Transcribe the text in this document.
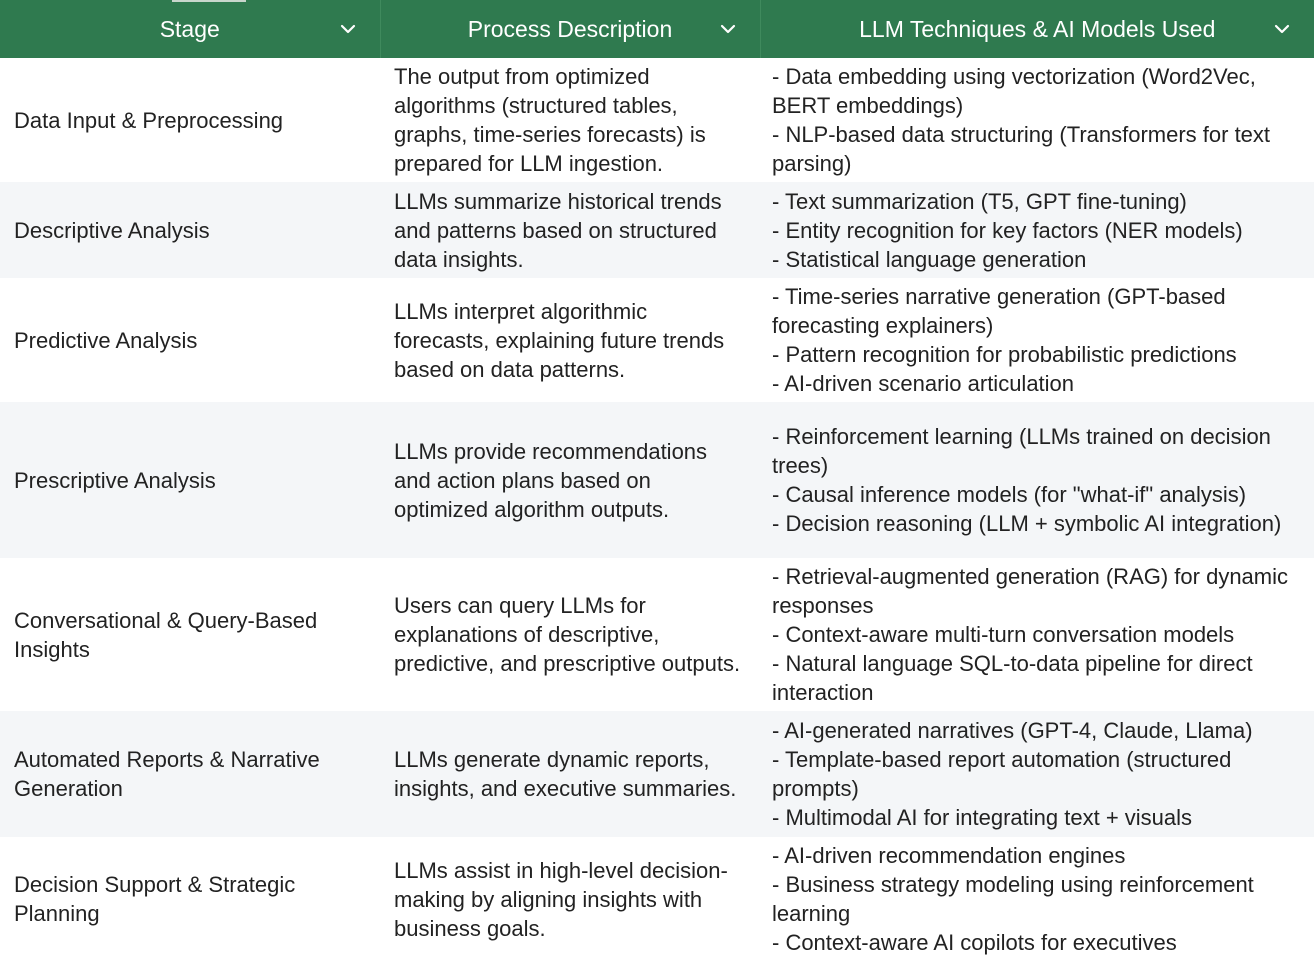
Stage	Process Description	LLM Techniques & AI Models Used

Data Input & Preprocessing	The output from optimized algorithms (structured tables, graphs, time-series forecasts) is prepared for LLM ingestion.	- Data embedding using vectorization (Word2Vec, BERT embeddings)
- NLP-based data structuring (Transformers for text parsing)
Descriptive Analysis	LLMs summarize historical trends and patterns based on structured data insights.	- Text summarization (T5, GPT fine-tuning)
- Entity recognition for key factors (NER models)
- Statistical language generation
Predictive Analysis	LLMs interpret algorithmic forecasts, explaining future trends based on data patterns.	- Time-series narrative generation (GPT-based forecasting explainers)
- Pattern recognition for probabilistic predictions
- AI-driven scenario articulation
Prescriptive Analysis	LLMs provide recommendations and action plans based on optimized algorithm outputs.	- Reinforcement learning (LLMs trained on decision trees)
- Causal inference models (for "what-if" analysis)
- Decision reasoning (LLM + symbolic AI integration)
Conversational & Query-Based Insights	Users can query LLMs for explanations of descriptive, predictive, and prescriptive outputs.	- Retrieval-augmented generation (RAG) for dynamic responses
- Context-aware multi-turn conversation models
- Natural language SQL-to-data pipeline for direct interaction
Automated Reports & Narrative Generation	LLMs generate dynamic reports, insights, and executive summaries.	- AI-generated narratives (GPT-4, Claude, Llama)
- Template-based report automation (structured prompts)
- Multimodal AI for integrating text + visuals
Decision Support & Strategic Planning	LLMs assist in high-level decision-making by aligning insights with business goals.	- AI-driven recommendation engines
- Business strategy modeling using reinforcement learning
- Context-aware AI copilots for executives
